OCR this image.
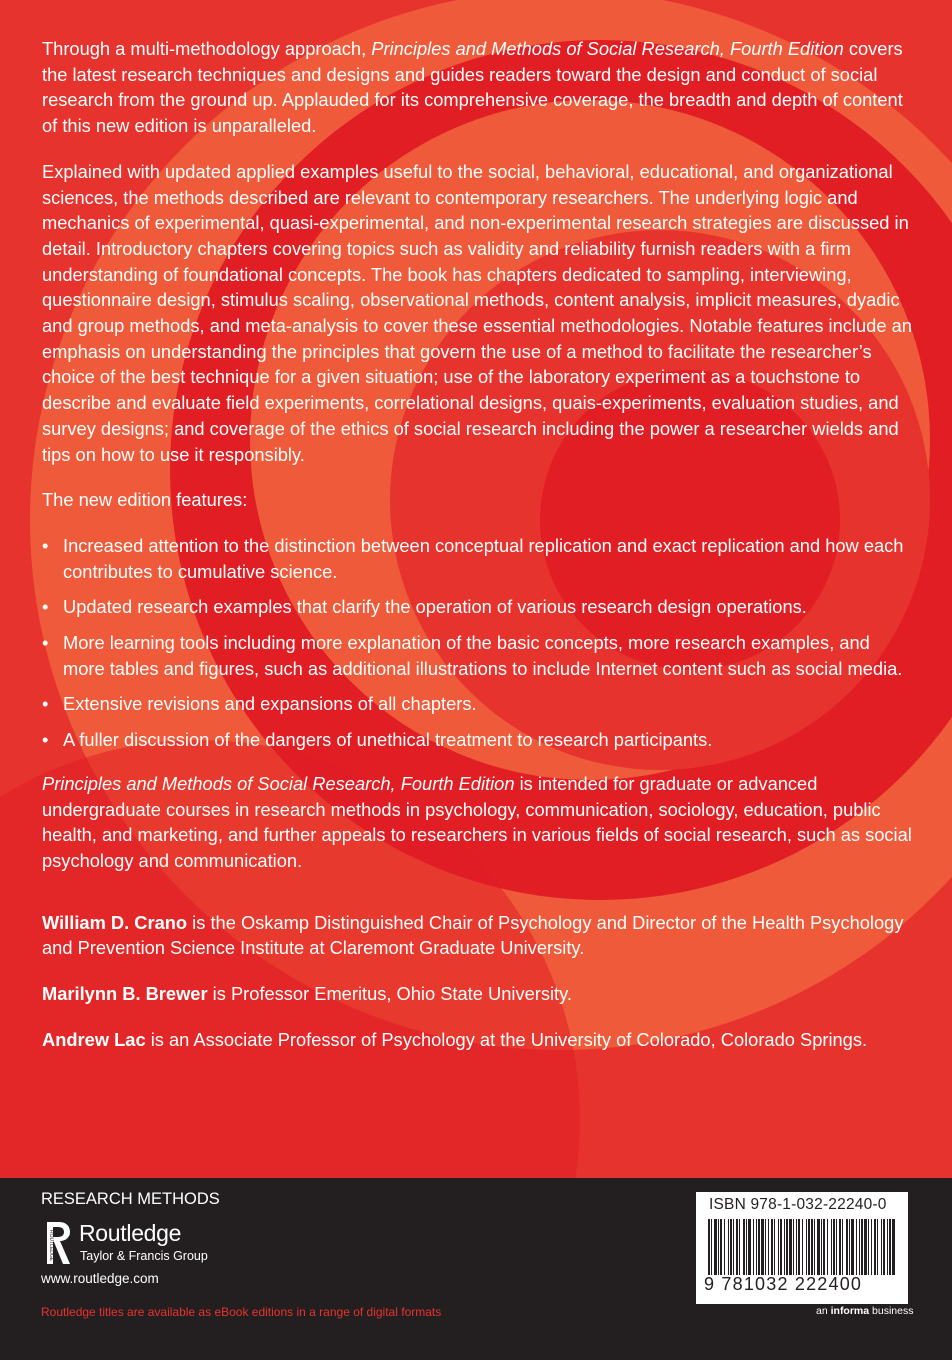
Through a multi-methodology approach, Principles and Methods of Social Research, Fourth Edition covers the latest research techniques and designs and guides readers toward the design and conduct of social research from the ground up. Applauded for its comprehensive coverage, the breadth and depth of content of this new edition is unparalleled.

Explained with updated applied examples useful to the social, behavioral, educational, and organizational sciences, the methods described are relevant to contemporary researchers. The underlying logic and mechanics of experimental, quasi-experimental, and non-experimental research strategies are discussed in detail. Introductory chapters covering topics such as validity and reliability furnish readers with a firm understanding of foundational concepts. The book has chapters dedicated to sampling, interviewing, questionnaire design, stimulus scaling, observational methods, content analysis, implicit measures, dyadic and group methods, and meta-analysis to cover these essential methodologies. Notable features include an emphasis on understanding the principles that govern the use of a method to facilitate the researcher’s choice of the best technique for a given situation; use of the laboratory experiment as a touchstone to describe and evaluate field experiments, correlational designs, quais-experiments, evaluation studies, and survey designs; and coverage of the ethics of social research including the power a researcher wields and tips on how to use it responsibly.

The new edition features:

• Increased attention to the distinction between conceptual replication and exact replication and how each contributes to cumulative science.
• Updated research examples that clarify the operation of various research design operations.
• More learning tools including more explanation of the basic concepts, more research examples, and more tables and figures, such as additional illustrations to include Internet content such as social media.
• Extensive revisions and expansions of all chapters.
• A fuller discussion of the dangers of unethical treatment to research participants.

Principles and Methods of Social Research, Fourth Edition is intended for graduate or advanced undergraduate courses in research methods in psychology, communication, sociology, education, public health, and marketing, and further appeals to researchers in various fields of social research, such as social psychology and communication.

William D. Crano is the Oskamp Distinguished Chair of Psychology and Director of the Health Psychology and Prevention Science Institute at Claremont Graduate University.

Marilynn B. Brewer is Professor Emeritus, Ohio State University.

Andrew Lac is an Associate Professor of Psychology at the University of Colorado, Colorado Springs.

RESEARCH METHODS
ROUTLEDGE Routledge
Taylor & Francis Group
www.routledge.com
Routledge titles are available as eBook editions in a range of digital formats
ISBN 978-1-032-22240-0
9 781032 222400
an informa business
